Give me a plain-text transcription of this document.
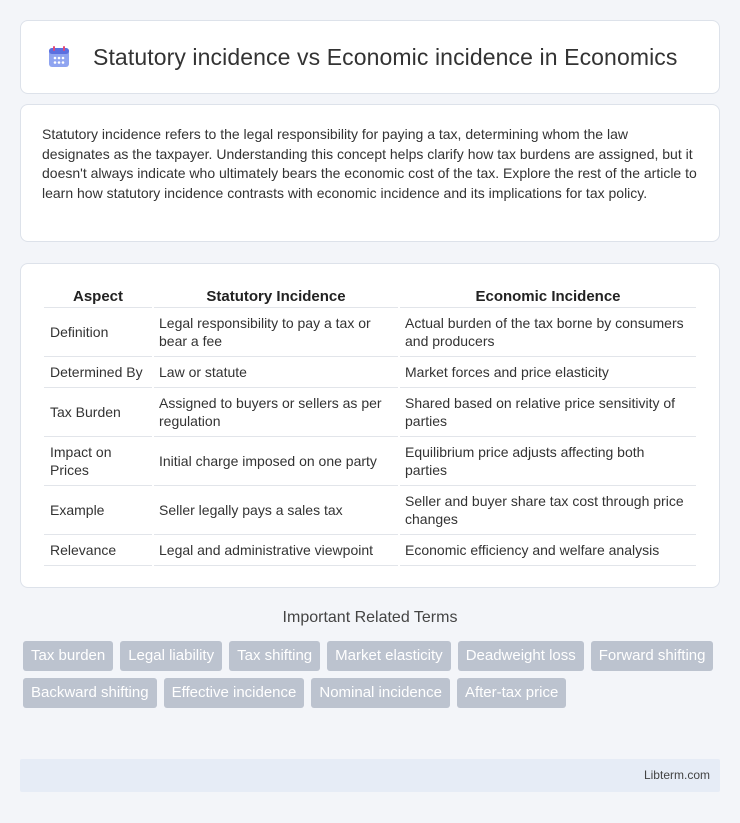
Statutory incidence vs Economic incidence in Economics

Statutory incidence refers to the legal responsibility for paying a tax, determining whom the law designates as the taxpayer. Understanding this concept helps clarify how tax burdens are assigned, but it doesn't always indicate who ultimately bears the economic cost of the tax. Explore the rest of the article to learn how statutory incidence contrasts with economic incidence and its implications for tax policy.

Aspect	Statutory Incidence	Economic Incidence
Definition	Legal responsibility to pay a tax or bear a fee	Actual burden of the tax borne by consumers and producers
Determined By	Law or statute	Market forces and price elasticity
Tax Burden	Assigned to buyers or sellers as per regulation	Shared based on relative price sensitivity of parties
Impact on Prices	Initial charge imposed on one party	Equilibrium price adjusts affecting both parties
Example	Seller legally pays a sales tax	Seller and buyer share tax cost through price changes
Relevance	Legal and administrative viewpoint	Economic efficiency and welfare analysis
Important Related Terms
Tax burden	Legal liability	Tax shifting	Market elasticity	Deadweight loss	Forward shifting
Backward shifting	Effective incidence	Nominal incidence	After-tax price
Libterm.com
